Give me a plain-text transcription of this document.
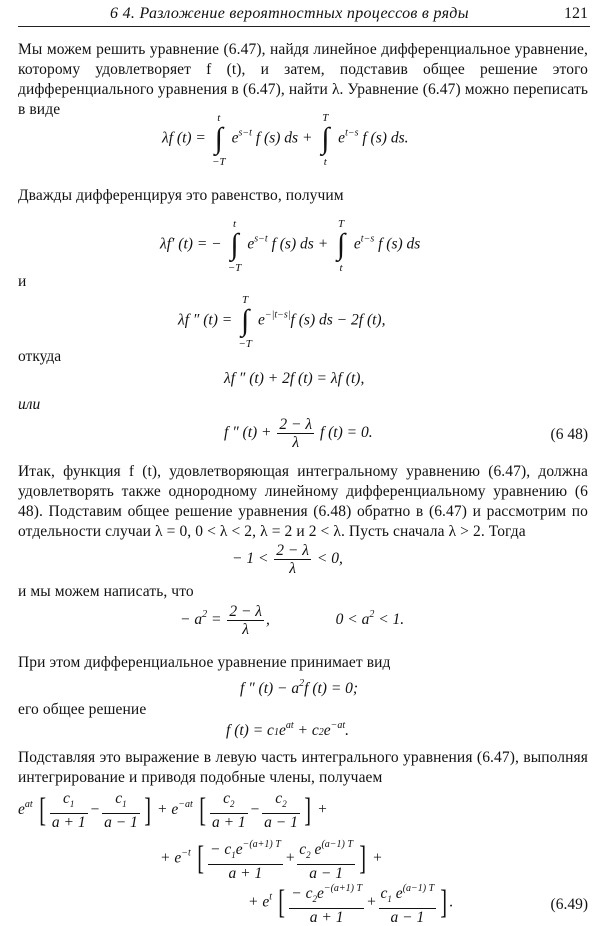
6 4. Разложение вероятностных процессов в ряды	121
Мы можем решить уравнение (6.47), найдя линейное дифференциальное уравнение, которому удовлетворяет f (t), и затем, подставив общее решение этого дифференциального уравнения в (6.47), найти λ. Уравнение (6.47) можно переписать в виде
λf (t) =
t
∫
−T
$e^{s-t}$ f (s) ds +
T
∫
t
$e^{t-s}$ f (s) ds.
Дважды дифференцируя это равенство, получим
λf′ (t) = −
t
∫
−T
$e^{s-t}$ f (s) ds +
T
∫
t
$e^{t-s}$ f (s) ds
и
λf ″ (t) =
T
∫
−T
$e^{-|t-s|}f$ (s) ds − 2f (t),
откуда
λf ″ (t) + 2f (t) = λf (t),
или
f ″ $(t) + \frac{2 - \lambda}{\lambda}$ f (t) = 0.	(6 48)
Итак, функция f (t), удовлетворяющая интегральному уравнению (6.47), должна удовлетворять также однородному линейному дифференциальному уравнению (6 48). Подставим общее решение уравнения (6.48) обратно в (6.47) и рассмотрим по отдельности случаи λ = 0, 0 < λ < 2, λ = 2 и 2 < λ. Пусть сначала λ > 2. Тогда
− $1 < \frac{2 - \lambda}{\lambda} < 0$,
и мы можем написать, что
− $a^2 = \frac{2 - \lambda}{\lambda}$ ,	$0 < a^2 < 1$.
При этом дифференциальное уравнение принимает вид
f ″ $(t) - a^2f$ (t) = 0;
его общее решение
f $(t) = c1e^{at} + c2e^{-at}$.
Подставляя это выражение в левую часть интегрального уравнения (6.47), выполняя интегрирование и приводя подобные члены, получаем
$e^{at}$ [ $\frac{c_1}{a + 1} - \frac{c_1}{a - 1}$ ] + $e^{-at}$ [ $\frac{c_2}{a + 1} - \frac{c_2}{a - 1}$ ] +
+ $e^{-t}$ [ $\frac{- c_1e^{-(a+1) T}}{a + 1} + \frac{c_2 e^{(a-1) T}}{a - 1}$ ] +
+ $e^t$ [ $\frac{- c_2e^{-(a+1) T}}{a + 1} + \frac{c_1 e^{(a-1) T}}{a - 1}$ ] .	(6.49)
